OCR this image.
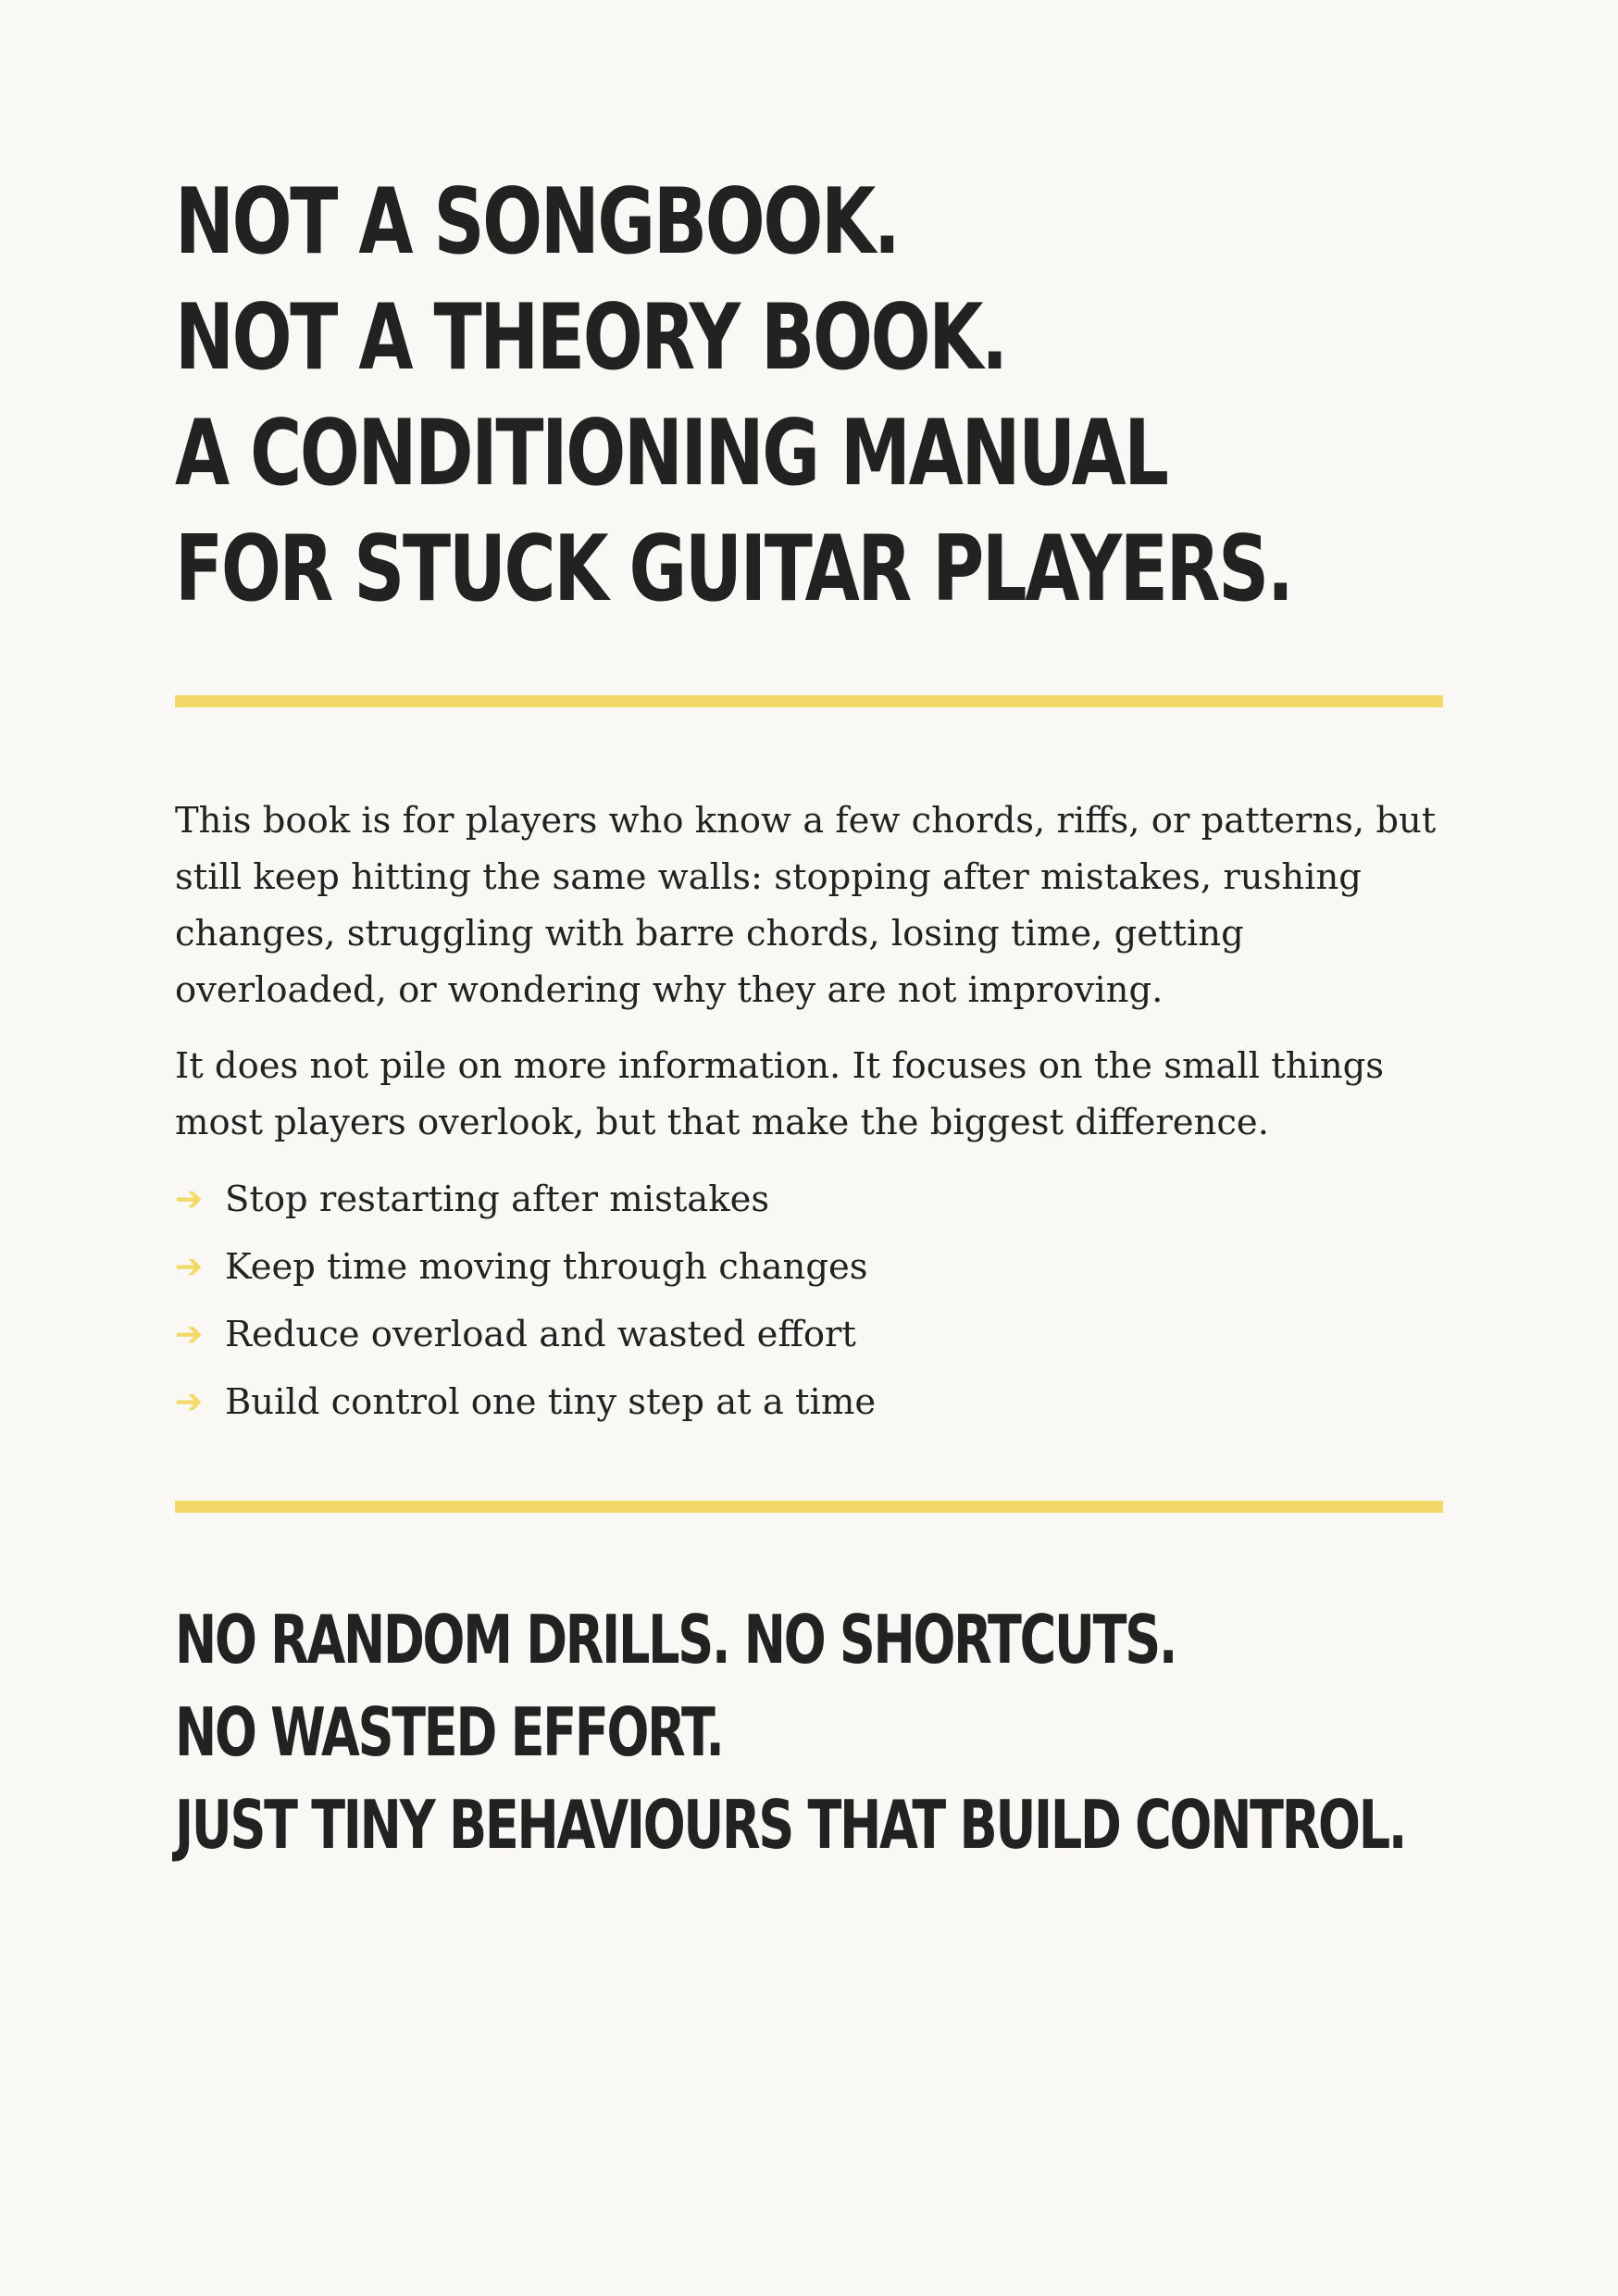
NOT A SONGBOOK.
NOT A THEORY BOOK.
A CONDITIONING MANUAL
FOR STUCK GUITAR PLAYERS.

This book is for players who know a few chords, riffs, or patterns, but still keep hitting the same walls: stopping after mistakes, rushing changes, struggling with barre chords, losing time, getting overloaded, or wondering why they are not improving.

It does not pile on more information. It focuses on the small things most players overlook, but that make the biggest difference.

➔ Stop restarting after mistakes
➔ Keep time moving through changes
➔ Reduce overload and wasted effort
➔ Build control one tiny step at a time
NO RANDOM DRILLS. NO SHORTCUTS.
NO WASTED EFFORT.
JUST TINY BEHAVIOURS THAT BUILD CONTROL.
